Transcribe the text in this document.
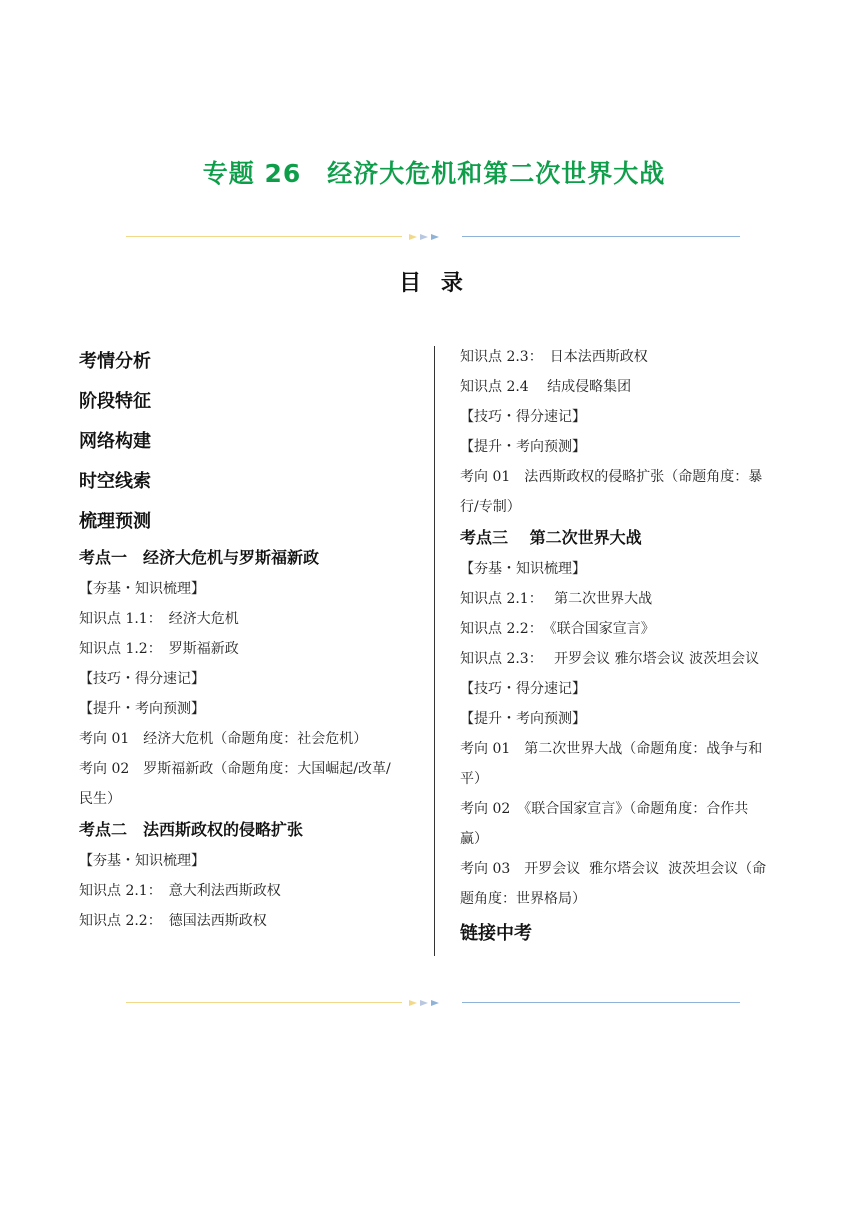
专题 26　经济大危机和第二次世界大战
目 录
考情分析
阶段特征
网络构建
时空线索
梳理预测
考点一　经济大危机与罗斯福新政
【夯基・知识梳理】
知识点 1.1：　经济大危机
知识点 1.2：　罗斯福新政
【技巧・得分速记】
【提升・考向预测】
考向 01　经济大危机（命题角度：社会危机）
考向 02　罗斯福新政（命题角度：大国崛起/改革/
民生）
考点二　法西斯政权的侵略扩张
【夯基・知识梳理】
知识点 2.1：　意大利法西斯政权
知识点 2.2：　德国法西斯政权
知识点 2.3：　日本法西斯政权
知识点 2.4　 结成侵略集团
【技巧・得分速记】
【提升・考向预测】
考向 01　法西斯政权的侵略扩张（命题角度：暴
行/专制）
考点三　 第二次世界大战
【夯基・知识梳理】
知识点 2.1：　 第二次世界大战
知识点 2.2：　《联合国家宣言》
知识点 2.3：　 开罗会议 雅尔塔会议 波茨坦会议
【技巧・得分速记】
【提升・考向预测】
考向 01　第二次世界大战（命题角度：战争与和
平）
考向 02　《联合国家宣言》（命题角度：合作共
赢）
考向 03　开罗会议  雅尔塔会议  波茨坦会议（命
题角度：世界格局）
链接中考
